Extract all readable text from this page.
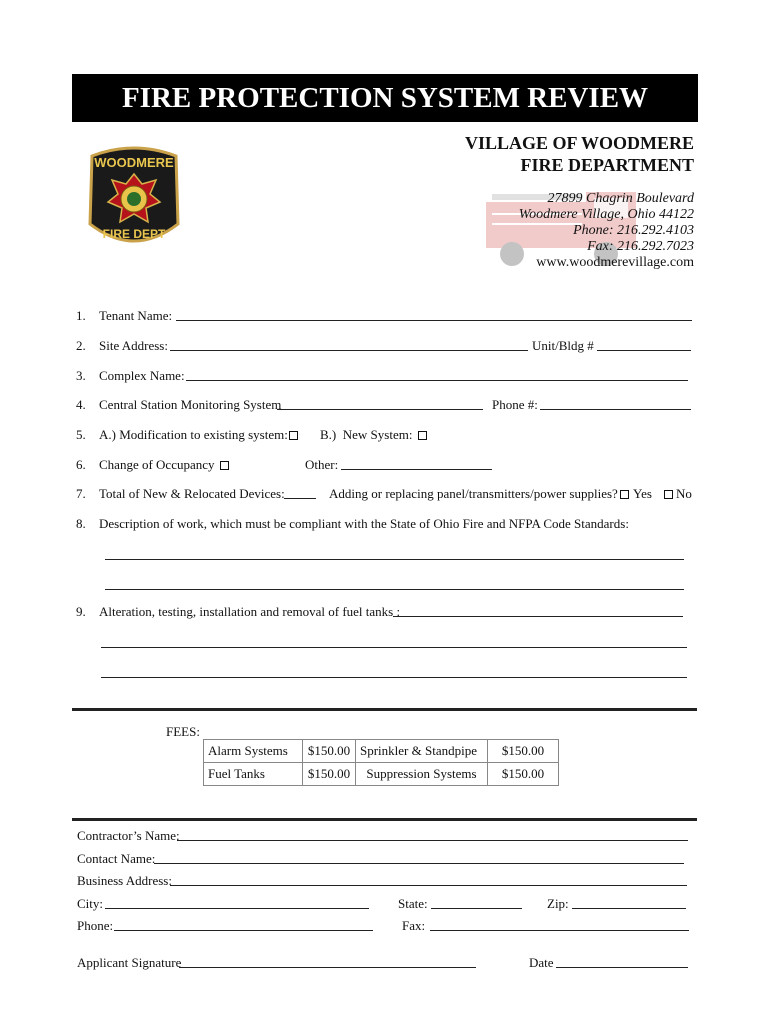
FIRE PROTECTION SYSTEM REVIEW
WOODMERE
FIRE DEPT
VILLAGE OF WOODMERE
FIRE DEPARTMENT
27899 Chagrin Boulevard
Woodmere Village, Ohio 44122
Phone: 216.292.4103
Fax: 216.292.7023
www.woodmerevillage.com
1. Tenant Name:
2. Site Address:	Unit/Bldg #
3. Complex Name:
4. Central Station Monitoring System	Phone #:
5. A.) Modification to existing system: B.)  New System:
6. Change of Occupancy	Other:
7. Total of New & Relocated Devices:	Adding or replacing panel/transmitters/power supplies? Yes No
8. Description of work, which must be compliant with the State of Ohio Fire and NFPA Code Standards:
9. Alteration, testing, installation and removal of fuel tanks :
FEES:
Alarm Systems	$150.00	Sprinkler & Standpipe	$150.00
Fuel Tanks	$150.00	Suppression Systems	$150.00
Contractor’s Name:
Contact Name:
Business Address:
City:	State:	Zip:
Phone:	Fax:
Applicant Signature	Date
